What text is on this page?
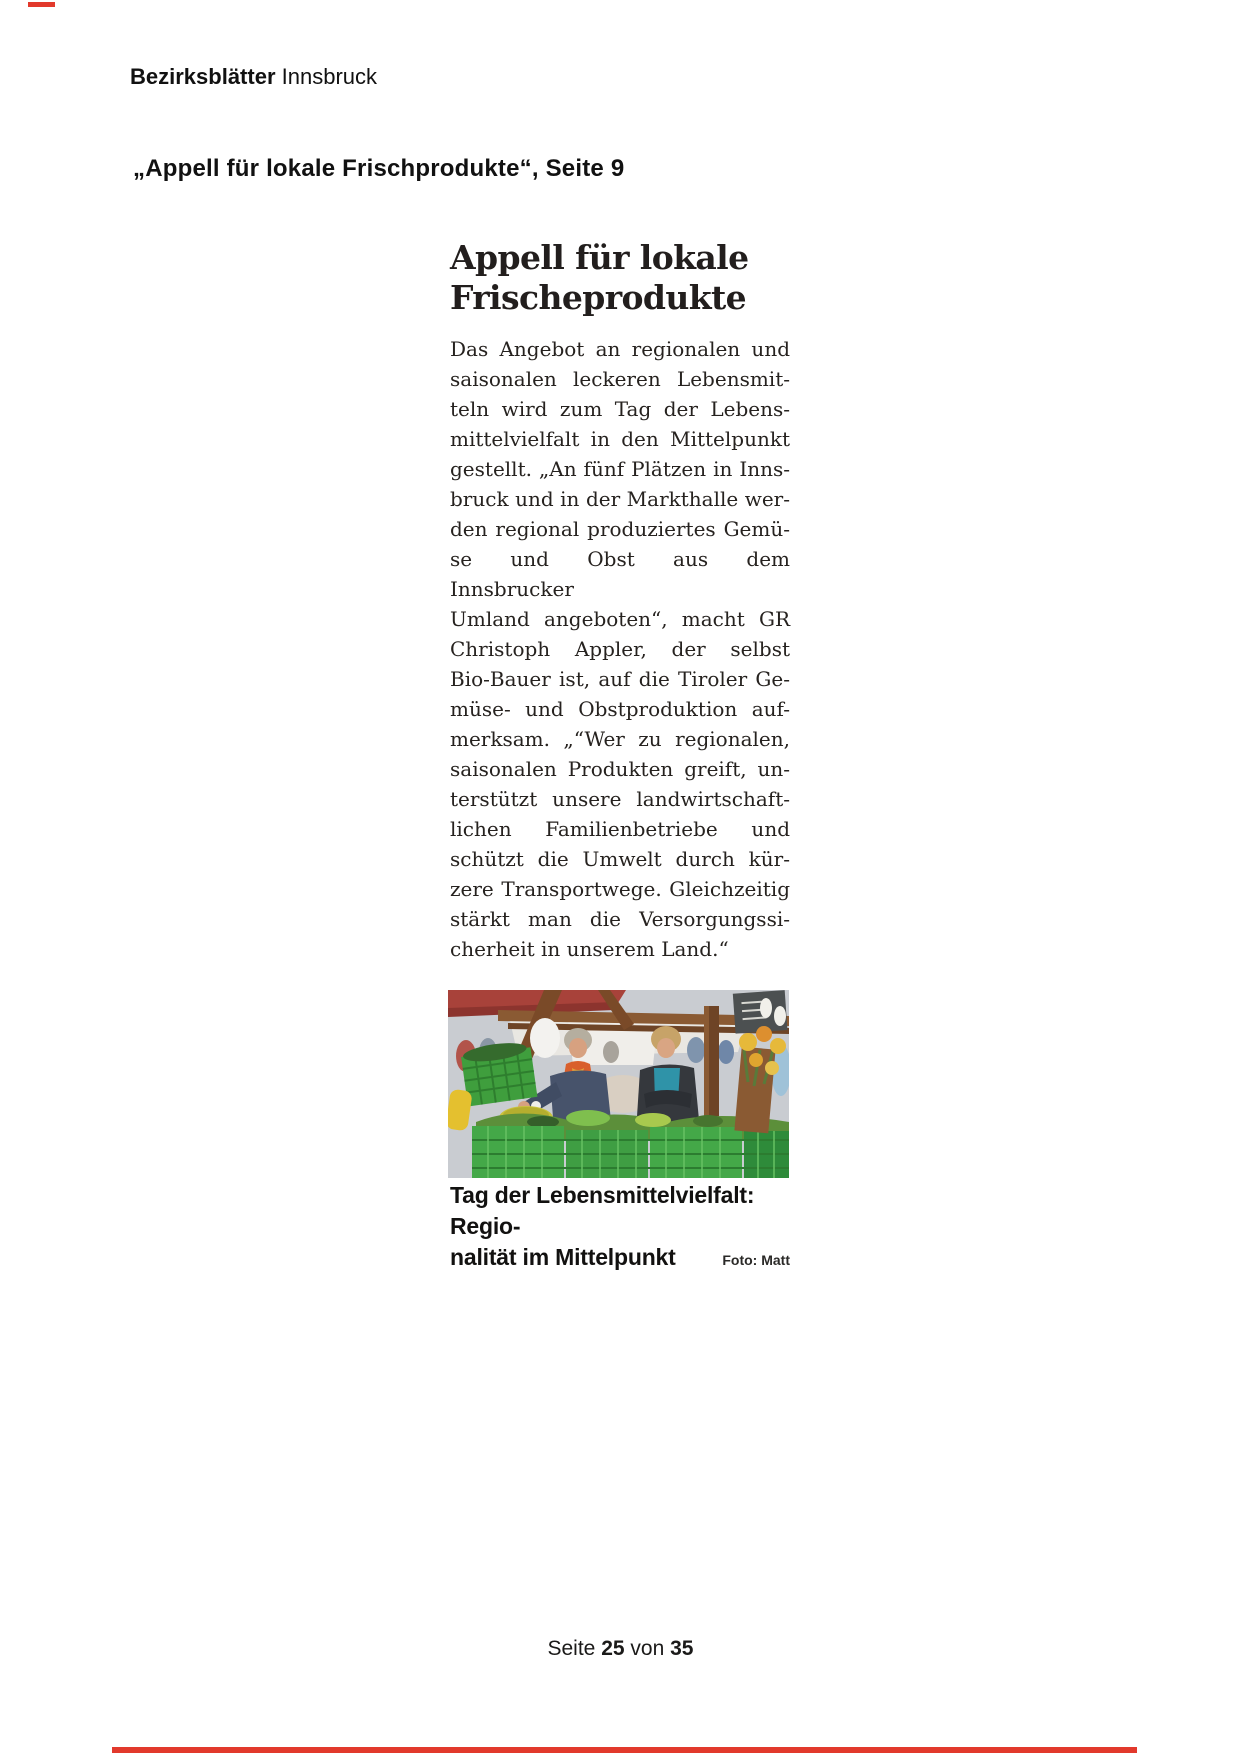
Bezirksblätter Innsbruck
„Appell für lokale Frischprodukte“, Seite 9
Appell für lokale
Frischeprodukte
Das Angebot an regionalen und
saisonalen leckeren Lebensmit-
teln wird zum Tag der Lebens-
mittelvielfalt in den Mittelpunkt
gestellt. „An fünf Plätzen in Inns-
bruck und in der Markthalle wer-
den regional produziertes Gemü-
se und Obst aus dem Innsbrucker
Umland angeboten“, macht GR
Christoph Appler, der selbst
Bio-Bauer ist, auf die Tiroler Ge-
müse- und Obstproduktion auf-
merksam. „“Wer zu regionalen,
saisonalen Produkten greift, un-
terstützt unsere landwirtschaft-
lichen Familienbetriebe und
schützt die Umwelt durch kür-
zere Transportwege. Gleichzeitig
stärkt man die Versorgungssi-
cherheit in unserem Land.“
Tag der Lebensmittelvielfalt: Regio-
nalität im Mittelpunkt	Foto: Matt
Seite 25 von 35
